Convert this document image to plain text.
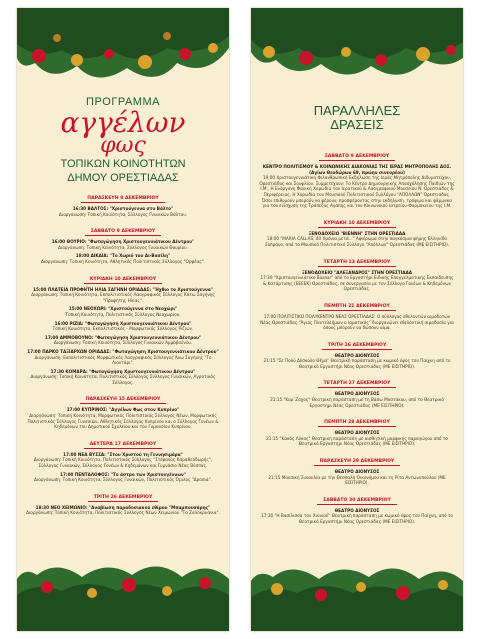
ΠΡΟΓΡΑΜΜΑ
αγγέλων
φως
ΤΟΠΙΚΩΝ ΚΟΙΝΟΤΗΤΩΝ
ΔΗΜΟΥ ΟΡΕΣΤΙΑΔΑΣ
ΠΑΡΑΣΚΕΥΗ 8 ΔΕΚΕΜΒΡΙΟΥ
16:30 ΒΑΛΤΟΣ: "Χριστούγεννα στο Βάλτο"
Διοργάνωση: Τοπική Κοινότητα, Σύλλογος Γυναικών Βάλτου.
ΣΑΒΒΑΤΟ 9 ΔΕΚΕΜΒΡΙΟΥ
16:00 ΘΟΥΡΙΟ: "Φωταγώγηση Χριστουγεννιάτικου Δέντρου"
Διοργάνωση: Τοπική Κοινότητα, Σύλλογος Γυναικών Θουρίου.
18:00 ΔΙΚΑΙΑ: "Το Χωριό του Αι-Βασίλη"
Διοργάνωση: Τοπική Κοινότητα, Αθλητικός Πολιτιστικός Σύλλογος "Ορφέας".
ΚΥΡΙΑΚΗ 10 ΔΕΚΕΜΒΡΙΟΥ
15:00 ΠΛΑΤΕΙΑ ΠΡΟΦΗΤΗ ΗΛΙΑ ΣΑΓΗΝΗ ΟΡΙΑΔΑΣ: "Ήχθιο το Χριστούγεννα"
Διοργάνωση: Τοπική Κοινότητα, Εκπολιτιστικός Λαογραφικός Σύλλογος Κάτω Σαγήνης "Προφήτης Ηλίας".
15:00 ΝΕΟΧΩΡΙ: "Χριστούγεννα στο Νεοχώρι"
Τοπική Κοινότητα, Πολιτιστικός Σύλλογος Νεοχωρίου.
16:00 ΡΙΖΙΑ: "Φωταγώγηση Χριστουγεννιάτικου Δέντρου"
Τοπική Κοινότητα, Εκπολιτιστικός - Μορφωτικός Σύλλογος Ριζιών.
17:00 ΑΜΜΟΒΟΥΝΟ: "Φωταγώγηση Χριστουγεννιάτικου Δέντρου"
Διοργάνωση: Τοπική Κοινότητα, Σύλλογος Γυναικών Αμμοβούνου.
17:00 ΠΑΡΚΟ ΤΑΞΙΑΡΧΩΝ ΟΡΙΑΔΑΣ: "Φωταγώγηση Χριστουγεννιάτικου Δέντρου"
Διοργάνωση: Εκπολιτιστικός Μορφωτικός Λαογραφικός Σύλλογος Άνω Σαγήνης "Το Λιοντάρι".
17:30 ΚΟΜΑΡΑ: "Φωταγώγηση Χριστουγεννιάτικου Δέντρου"
Διοργάνωση: Τοπική Κοινότητα, Πολιτιστικός Σύλλογος Σύλλογος Γυναικών, Αγροτικός Σύλλογος.
ΠΑΡΑΣΚΕΥΗ 15 ΔΕΚΕΜΒΡΙΟΥ
17:00 ΚΥΠΡΙΝΟΣ: "Αγγέλων Φως στον Κυπρίνο"
Διοργάνωση: Τοπική Κοινότητα, Μορφωτικός Πολιτιστικός Σύλλογος Νέων, Μορφωτικός Πολιτιστικός Σύλλογος Γυναικών, Αθλητικός Σύλλογος Κυπρίνου και ο Σύλλογος Γονέων & Κηδεμόνων του Δημοτικού Σχολείου και του Γυμνασίου Κυπρίνου.
ΔΕΥΤΕΡΑ 17 ΔΕΚΕΜΒΡΙΟΥ
17:00 ΝΕΑ ΒΥΣΣΑ: "Στου Χριστού τη Γεννησιμάρα"
Διοργάνωση: Τοπική Κοινότητα, Πολιτιστικός Σύλλογος "Στέφανος Καραθεοδωρής", Σύλλογος Γυναικών, Σύλλογος Γονέων & Κηδεμόνων και Γυμνάσιο Νέας Βύσσας.
17:00 ΠΕΝΤΑΛΟΦΟΣ: "Το άστρο των Χριστουγέννων"
Διοργάνωση: Τοπική Κοινότητα, Σύλλογος Γυναικών, Πολιτιστικός Όμιλος "Δροσιά".
ΤΡΙΤΗ 26 ΔΕΚΕΜΒΡΙΟΥ
18:30 ΝΕΟ ΧΕΙΜΩΝΙΟ: "Αναβίωση παραδοσιακού εθίμου "Μπαμπουσάρης"
Διοργάνωση: Τοπική Κοινότητα, Πολιτιστικός Σύλλογος Νέων Χειμωνίου "Το Ζαλοκρυάνια".
ΠΑΡΑΛΛΗΛΕΣ
ΔΡΑΣΕΙΣ
ΣΑΒΒΑΤΟ 9 ΔΕΚΕΜΒΡΙΟΥ
ΚΕΝΤΡΟ ΠΟΛΙΤΙΣΜΟΥ & ΚΟΙΝΩΝΙΚΗΣ ΔΙΑΚΟΝΙΑΣ ΤΗΣ ΙΕΡΑΣ ΜΗΤΡΟΠΟΛΗΣ ΔΟΣ. (Αγίων Θεοδώρων 69, πρώην σινεορέου)
19:00 Χριστουγεννιάτικη Φιλανθρωπική Εκδήλωση της Ιεράς Μητρόπολης Διδυμοτείχου, Ορεστιάδος και Σουφλίου. Συμμετέχουν: Το Κέντρο Δημιουργικής Απασχόλησης Παιδιών της Ι.Μ., Η Ενόργανη Φανική Χορωδία του Ιερατικού & Λαογραφικού Μουσείου Ν. Ορεστιάδος & Περιφέρειας, Η Χορωδία του Μουσικού Πολιτιστικού Συλλόγου "ΑΠΟΛΛΩΝ" Ορεστιάδας. Όσοι επιθυμούν μπορούν να φέρουν, προσφέροντας στην εκδήλωση, τρόφιμα και φάρμακα για τον ενίσχυση της Τράπεζας Αγάπης και του Κοινωνικού Ιατρείου-Φαρμακείου της Ι.Μ.
ΚΥΡΙΑΚΗ 10 ΔΕΚΕΜΒΡΙΟΥ
ΞΕΝΟΔΟΧΕΙΟ "ΒΙΕΝΝΗ" ΣΤΗΝ ΟΡΕΣΤΙΑΔΑ
18:00 "MARIA CALLAS, 40 Χρόνια μετά..." Αφιέρωμα στην παγκόσμια φήμης Ελληνίδα Σοπράνο, από το Μουσικό Πολιτιστικό Σύλλογο "Απόλλων" Ορεστιάδας (ΜΕ ΕΙΣΙΤΗΡΙΟ).
ΤΕΤΑΡΤΗ 13 ΔΕΚΕΜΒΡΙΟΥ
ΞΕΝΟΔΟΧΕΙΟ "ΑΛΕΞΑΝΔΡΟΣ" ΣΤΗΝ ΟΡΕΣΤΙΑΔΑ
17:30 "Χριστουγεννιάτικο Bazaar" από το Εργαστήρι Ειδικής Επαγγελματικής Εκπαίδευσης & Κατάρτισης (ΕΕΕΕΚ) Ορεστιάδας, σε συνεργασία με τον Σύλλογο Γονέων & Κηδεμόνων Ορεστιάδας.
ΠΕΜΠΤΗ 21 ΔΕΚΕΜΒΡΙΟΥ
17:00 ΠΟΛΙΤΙΣΤΙΚΟ ΠΟΛΥΚΕΝΤΡΟ ΝΕΑΣ ΟΡΕΣΤΙΑΔΑΣ: Ο σύλλογος εθελοντών αιμοδοτών Νέας Ορεστιάδας "Άγιος Παντελεήμων ο Ιαματικός" διοργανώνει εθελοντική αιμοδοσία για όσους μπορούν να δώσουν αίμα.
ΤΡΙΤΗ 26 ΔΕΚΕΜΒΡΙΟΥ
ΘΕΑΤΡΟ ΔΙΟΝΥΣΟΣ
21:15 "Σε Πολύ Δύσκολο Θέμα" Θεατρική παράσταση με κωμικό ύφος του Παίχνη από το Θεατρικό Εργαστήρι Νέας Ορεστιάδας (ΜΕ ΕΙΣΙΤΗΡΙΟ).
ΤΕΤΑΡΤΗ 27 ΔΕΚΕΜΒΡΙΟΥ
ΘΕΑΤΡΟ ΔΙΟΝΥΣΟΣ
21:15 "Κυρ΄Ζαχος" Θεατρική παράσταση με τη Βάσω Μοστάκου, από το Θεατρικό Εργαστήρι Νέας Ορεστιάδας (ΜΕ ΕΙΣΙΤΗΡΙΟ).
ΠΕΜΠΤΗ 28 ΔΕΚΕΜΒΡΙΟΥ
ΘΕΑΤΡΟ ΔΙΟΝΥΣΟΣ
21:15 "Κακός Λύκος" Θεατρική παράσταση με αισθητική μορφικής παραγώγου από το Θεατρικό Εργαστήρι Νέας Ορεστιάδας (ΜΕ ΕΙΣΙΤΗΡΙΟ).
ΠΑΡΑΣΚΕΥΗ 29 ΔΕΚΕΜΒΡΙΟΥ
ΘΕΑΤΡΟ ΔΙΟΝΥΣΟΣ
21:15 Μουσική Συναυλία με την Θεσσαλή Οικονόμου και τη Ρίτα Αντωνοπούλου (ΜΕ ΕΙΣΙΤΗΡΙΟ).
ΣΑΒΒΑΤΟ 30 ΔΕΚΕΜΒΡΙΟΥ
ΘΕΑΤΡΟ ΔΙΟΝΥΣΟΣ
17:30 "Η Βασίλισσα του Χιονιού" Θεατρική παράσταση με κωμικό ύφος του Παίχνη, από το Θεατρικό Εργαστήρι Νέας Ορεστιάδας (ΜΕ ΕΙΣΙΤΗΡΙΟ).
